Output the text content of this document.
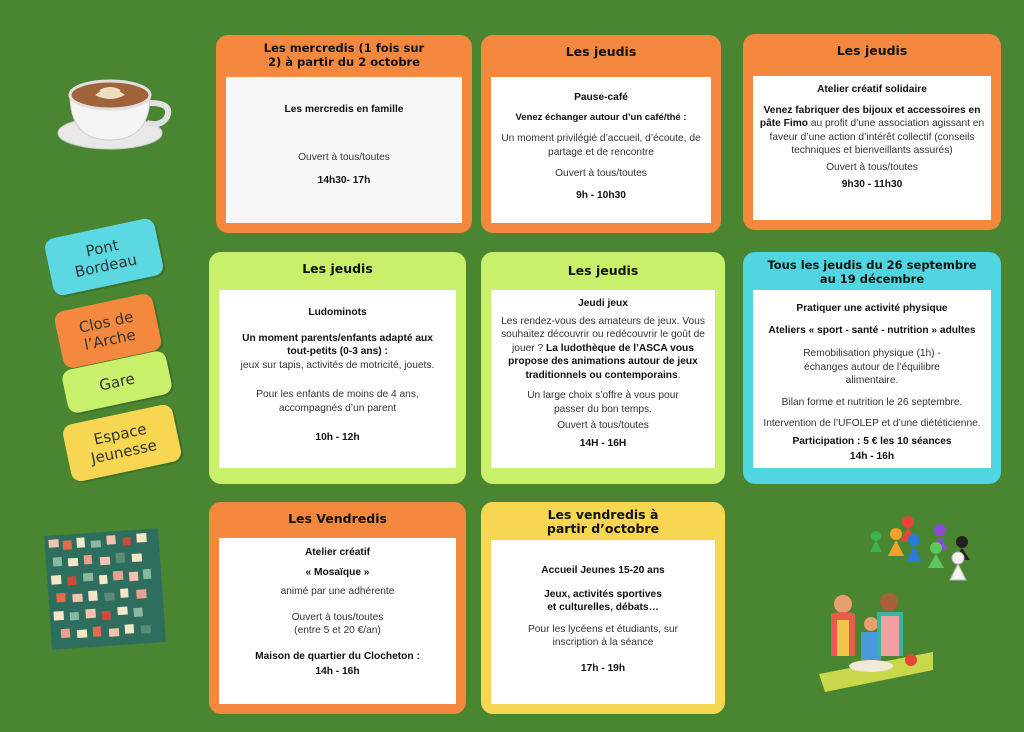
Pont Bordeau
Clos de l’Arche
Gare
Espace Jeunesse
Les mercredis (1 fois sur 2) à partir du 2 octobre

Les mercredis en famille

Ouvert à tous/toutes

14h30- 17h

Les jeudis

Pause-café

Venez échanger autour d’un café/thé :

Un moment privilégié d’accueil, d’écoute, de partage et de rencontre

Ouvert à tous/toutes

9h - 10h30

Les jeudis

Atelier créatif solidaire

Venez fabriquer des bijoux et accessoires en pâte Fimo au profit d’une association agissant en faveur d’une action d’intérêt collectif (conseils techniques et bienveillants assurés)

Ouvert à tous/toutes

9h30 - 11h30

Les jeudis

Ludominots

Un moment parents/enfants adapté aux tout-petits (0-3 ans) :
jeux sur tapis, activités de motricité, jouets.

Pour les enfants de moins de 4 ans, accompagnés d’un parent

10h - 12h

Les jeudis

Jeudi jeux

Les rendez-vous des amateurs de jeux. Vous souhaitez découvrir ou redécouvrir le goût de jouer ? La ludothèque de l’ASCA vous propose des animations autour de jeux traditionnels ou contemporains.

Un large choix s’offre à vous pour passer du bon temps.

Ouvert à tous/toutes

14H - 16H

Tous les jeudis du 26 septembre au 19 décembre

Pratiquer une activité physique

Ateliers « sport - santé - nutrition » adultes

Remobilisation physique (1h) - échanges autour de l’équilibre alimentaire.

Bilan forme et nutrition le 26 septembre.

Intervention de l’UFOLEP et d’une diététicienne.

Participation : 5 € les 10 séances

14h - 16h

Les Vendredis

Atelier créatif

« Mosaïque »

animé par une adhérente

Ouvert à tous/toutes

(entre 5 et 20 €/an)

Maison de quartier du Clocheton :

14h - 16h

Les vendredis à partir d’octobre

Accueil Jeunes 15-20 ans

Jeux, activités sportives et culturelles, débats…

Pour les lycéens et étudiants, sur inscription à la séance

17h - 19h
